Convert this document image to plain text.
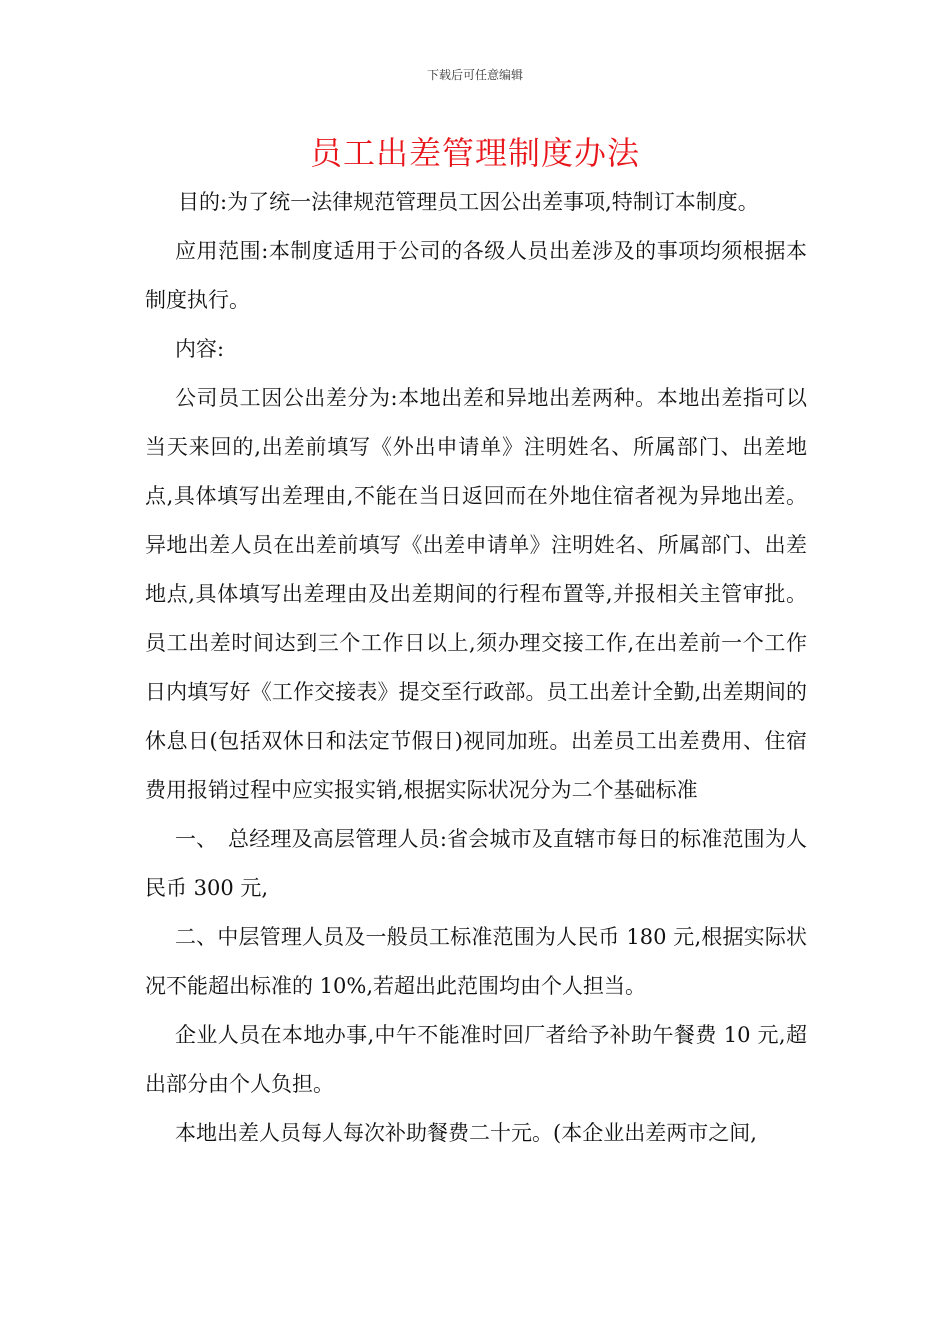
下载后可任意编辑
员工出差管理制度办法

目的:为了统一法律规范管理员工因公出差事项,特制订本制度。

应用范围:本制度适用于公司的各级人员出差涉及的事项均须根据本制度执行。

内容:

公司员工因公出差分为:本地出差和异地出差两种。本地出差指可以当天来回的,出差前填写《外出申请单》注明姓名、所属部门、出差地点,具体填写出差理由,不能在当日返回而在外地住宿者视为异地出差。异地出差人员在出差前填写《出差申请单》注明姓名、所属部门、出差地点,具体填写出差理由及出差期间的行程布置等,并报相关主管审批。员工出差时间达到三个工作日以上,须办理交接工作,在出差前一个工作日内填写好《工作交接表》提交至行政部。员工出差计全勤,出差期间的休息日(包括双休日和法定节假日)视同加班。出差员工出差费用、住宿费用报销过程中应实报实销,根据实际状况分为二个基础标准

一、　总经理及高层管理人员:省会城市及直辖市每日的标准范围为人民币 300 元,

二、中层管理人员及一般员工标准范围为人民币 180 元,根据实际状况不能超出标准的 10%,若超出此范围均由个人担当。

企业人员在本地办事,中午不能准时回厂者给予补助午餐费 10 元,超出部分由个人负担。

本地出差人员每人每次补助餐费二十元。(本企业出差两市之间,
